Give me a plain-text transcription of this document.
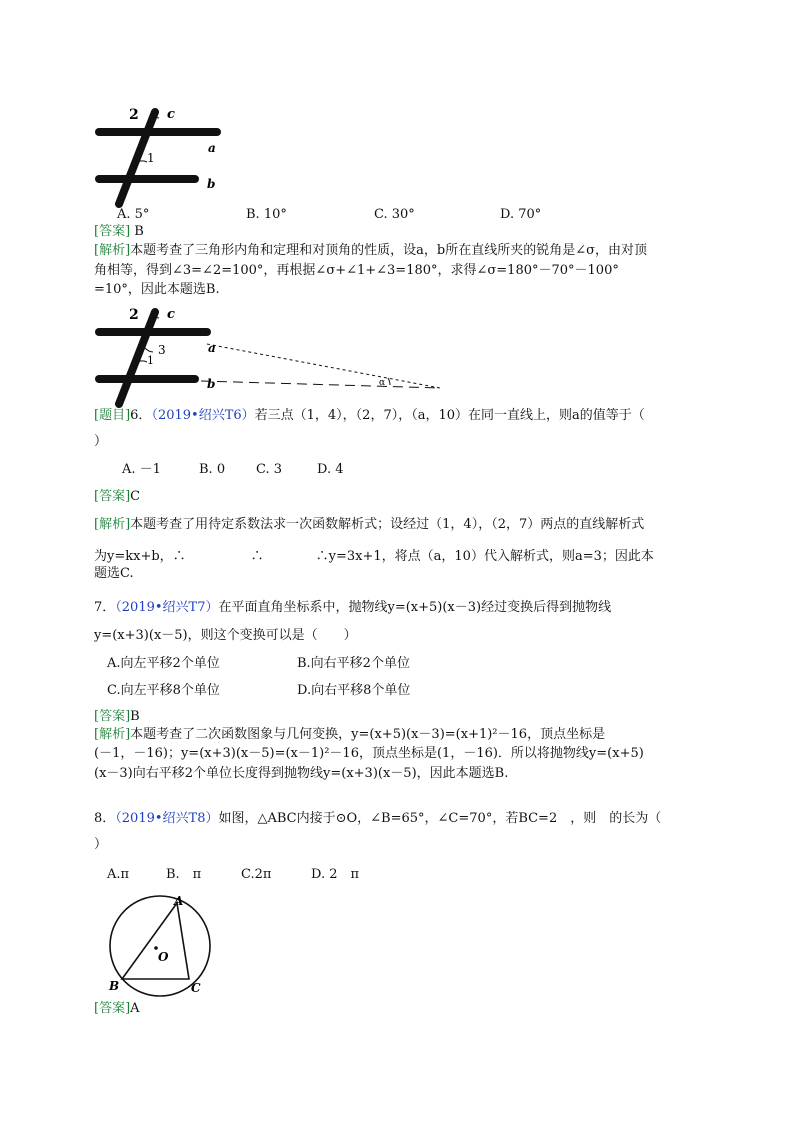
2 c
1
a
b
A. 5°	B. 10°	C. 30°	D. 70°
[答案] B
[解析]本题考查了三角形内角和定理和对顶角的性质，设a，b所在直线所夹的锐角是∠σ，由对顶
角相等，得到∠3=∠2=100°，再根据∠σ+∠1+∠3=180°，求得∠σ=180°－70°－100°
=10°，因此本题选B.
2 c
3
1
a
b	α
[题目]6．（2019•绍兴T6）若三点（1，4），（2，7），（a，10）在同一直线上，则a的值等于（
）
A. －1	B. 0 C. 3	D. 4
[答案]C
[解析]本题考查了用待定系数法求一次函数解析式；设经过（1，4），（2，7）两点的直线解析式
为y=kx+b，∴　　　　　∴　　　　∴y=3x+1，将点（a，10）代入解析式，则a=3；因此本
题选C.
7．（2019•绍兴T7）在平面直角坐标系中，抛物线y=(x+5)(x－3)经过变换后得到抛物线
y=(x+3)(x－5)，则这个变换可以是（　　）
A.向左平移2个单位	B.向右平移2个单位
C.向左平移8个单位	D.向右平移8个单位
[答案]B
[解析]本题考查了二次函数图象与几何变换，y=(x+5)(x－3)=(x+1)²－16，顶点坐标是
(－1，－16)；y=(x+3)(x－5)=(x－1)²－16，顶点坐标是(1，－16)．所以将抛物线y=(x+5)
(x－3)向右平移2个单位长度得到抛物线y=(x+3)(x－5)，因此本题选B.
8．（2019•绍兴T8）如图，△ABC内接于⊙O，∠B=65°，∠C=70°，若BC=2　，则　的长为（
）
A.π	B.　π	C.2π	D. 2　π
A
B	C
O
[答案]A
